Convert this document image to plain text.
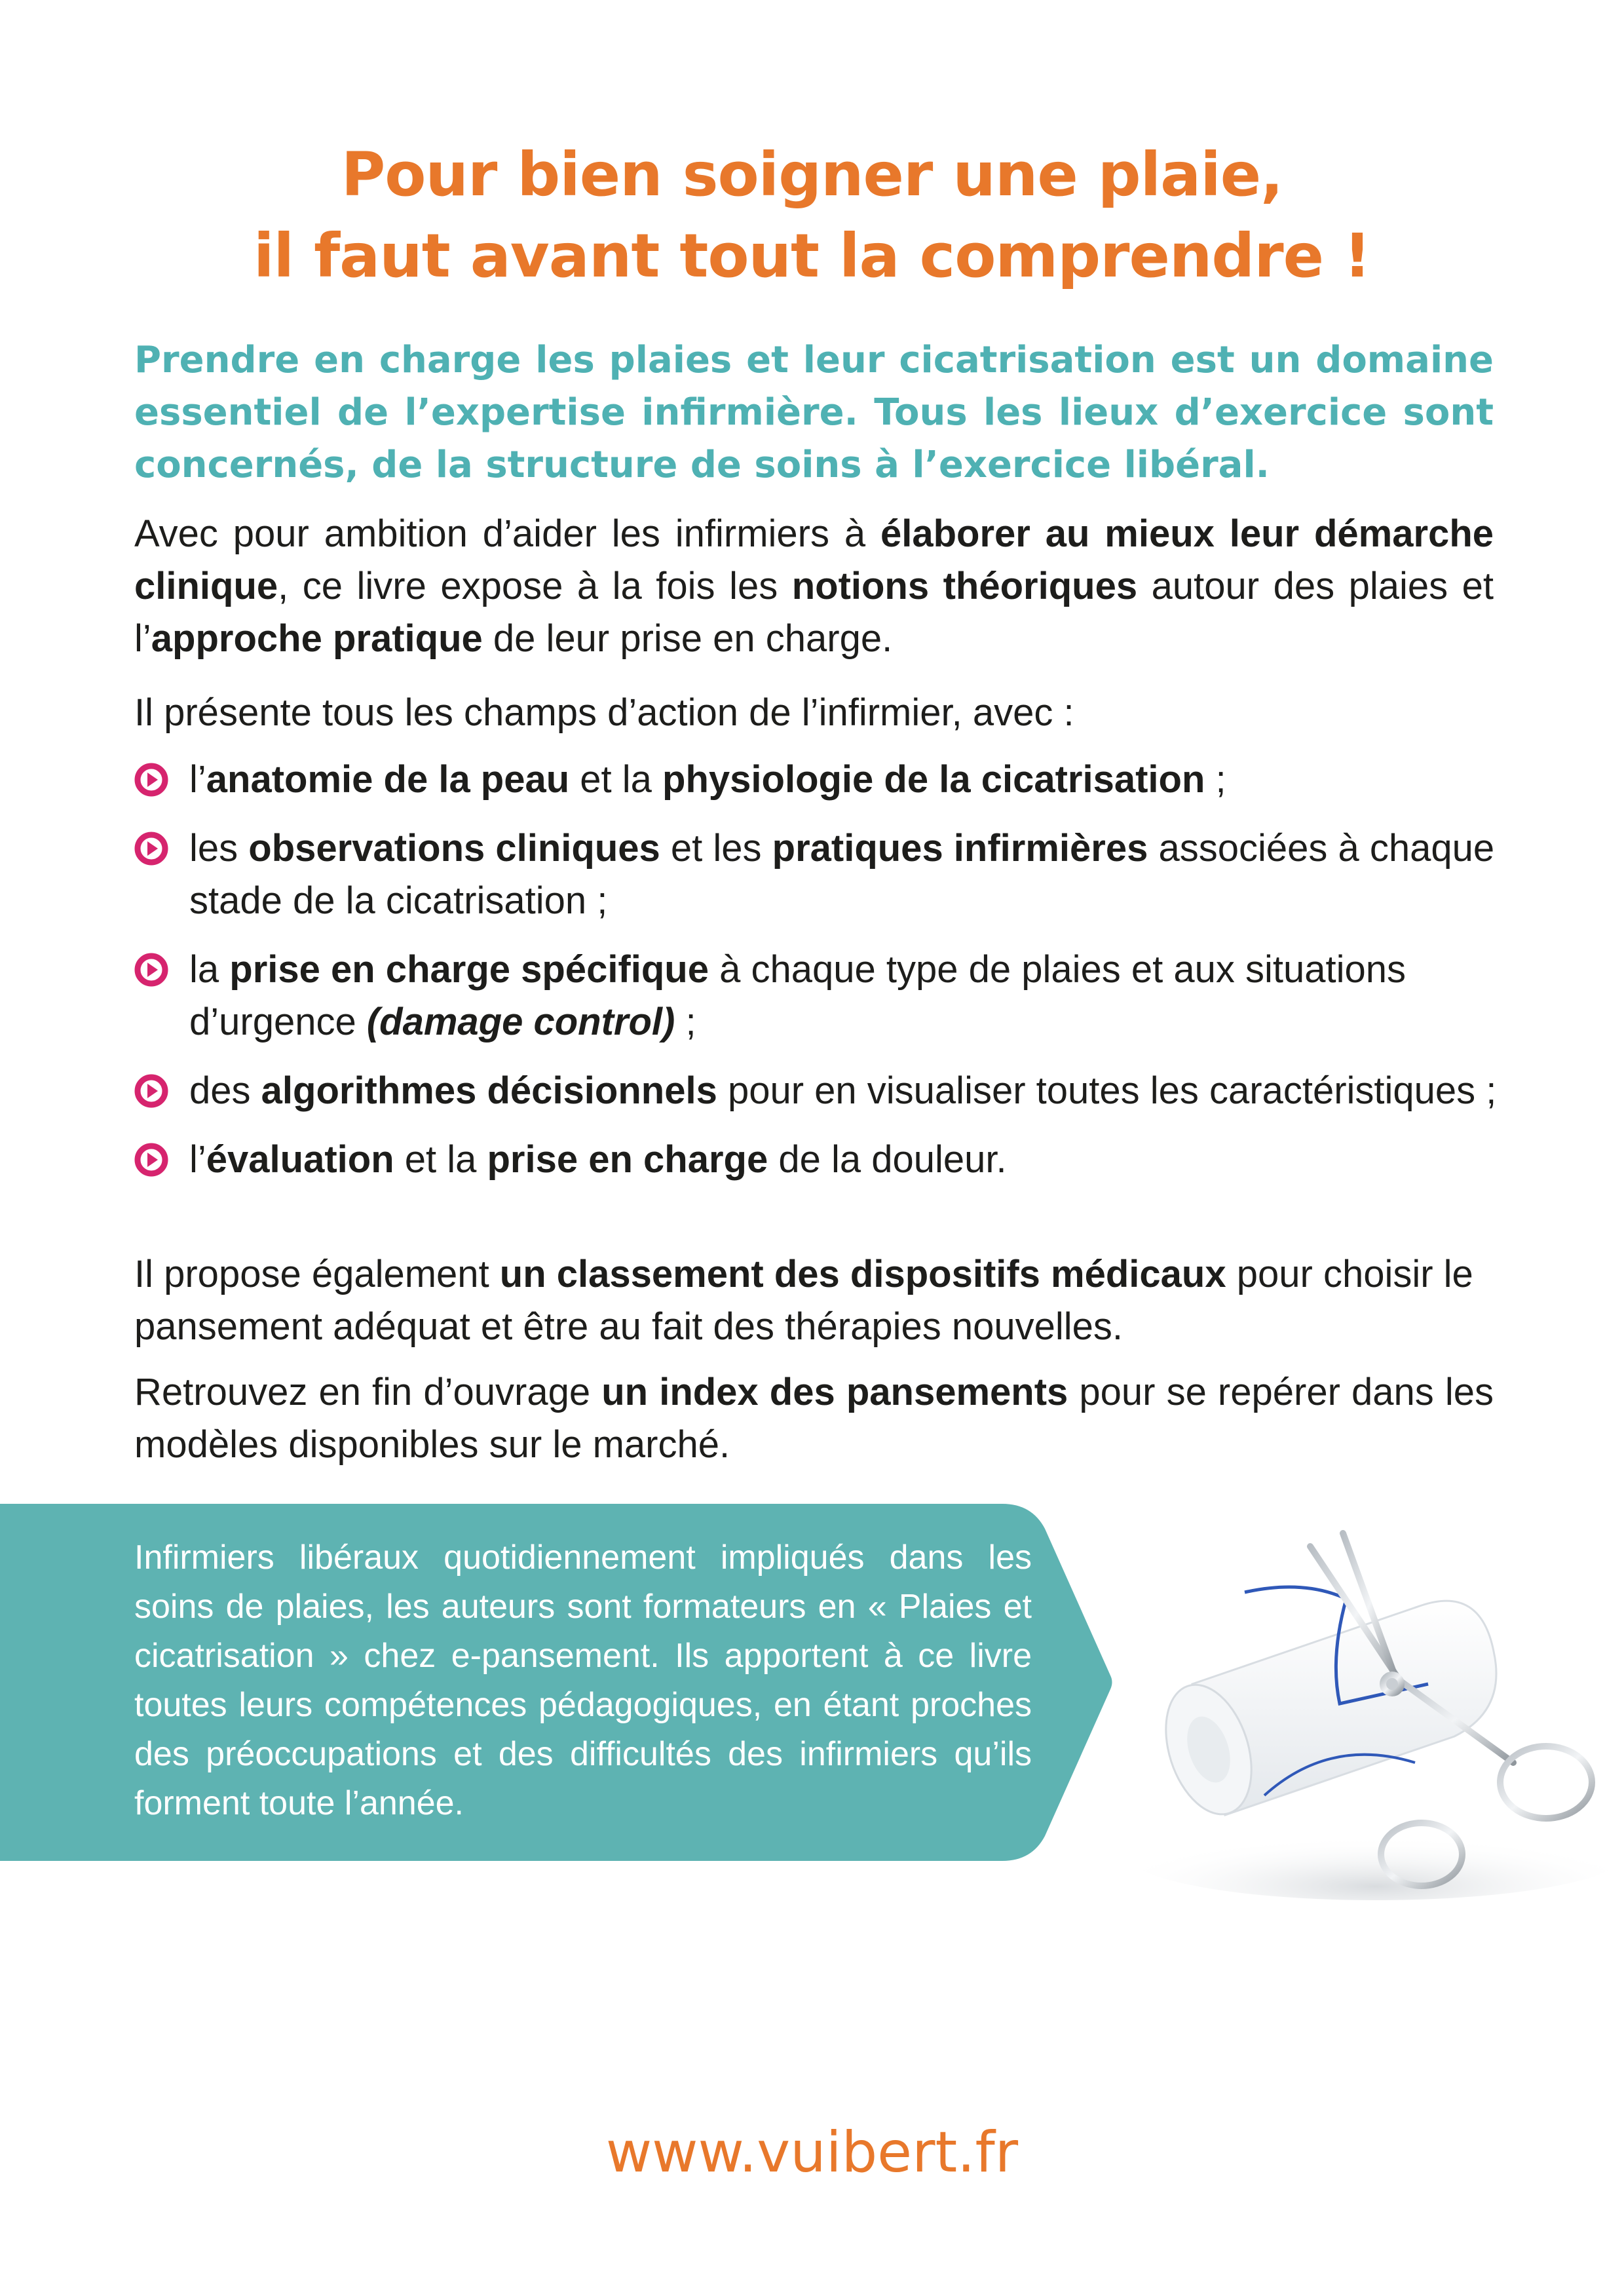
Pour bien soigner une plaie,
il faut avant tout la comprendre !
Prendre en charge les plaies et leur cicatrisation est un domaine essentiel de l’expertise infirmière. Tous les lieux d’exercice sont concernés, de la structure de soins à l’exercice libéral.
Avec pour ambition d’aider les infirmiers à élaborer au mieux leur démarche clinique, ce livre expose à la fois les notions théoriques autour des plaies et l’approche pratique de leur prise en charge.
Il présente tous les champs d’action de l’infirmier, avec :
l’anatomie de la peau et la physiologie de la cicatrisation ;
les observations cliniques et les pratiques infirmières associées à chaque stade de la cicatrisation ;
la prise en charge spécifique à chaque type de plaies et aux situations d’urgence (damage control) ;
des algorithmes décisionnels pour en visualiser toutes les caractéristiques ;
l’évaluation et la prise en charge de la douleur.
Il propose également un classement des dispositifs médicaux pour choisir le pansement adéquat et être au fait des thérapies nouvelles.
Retrouvez en fin d’ouvrage un index des pansements pour se repérer dans les modèles disponibles sur le marché.
Infirmiers libéraux quotidiennement impliqués dans les soins de plaies, les auteurs sont formateurs en « Plaies et cicatrisation » chez e-pansement. Ils apportent à ce livre toutes leurs compétences pédagogiques, en étant proches des préoccupations et des difficultés des infirmiers qu’ils forment toute l’année.
www.vuibert.fr
